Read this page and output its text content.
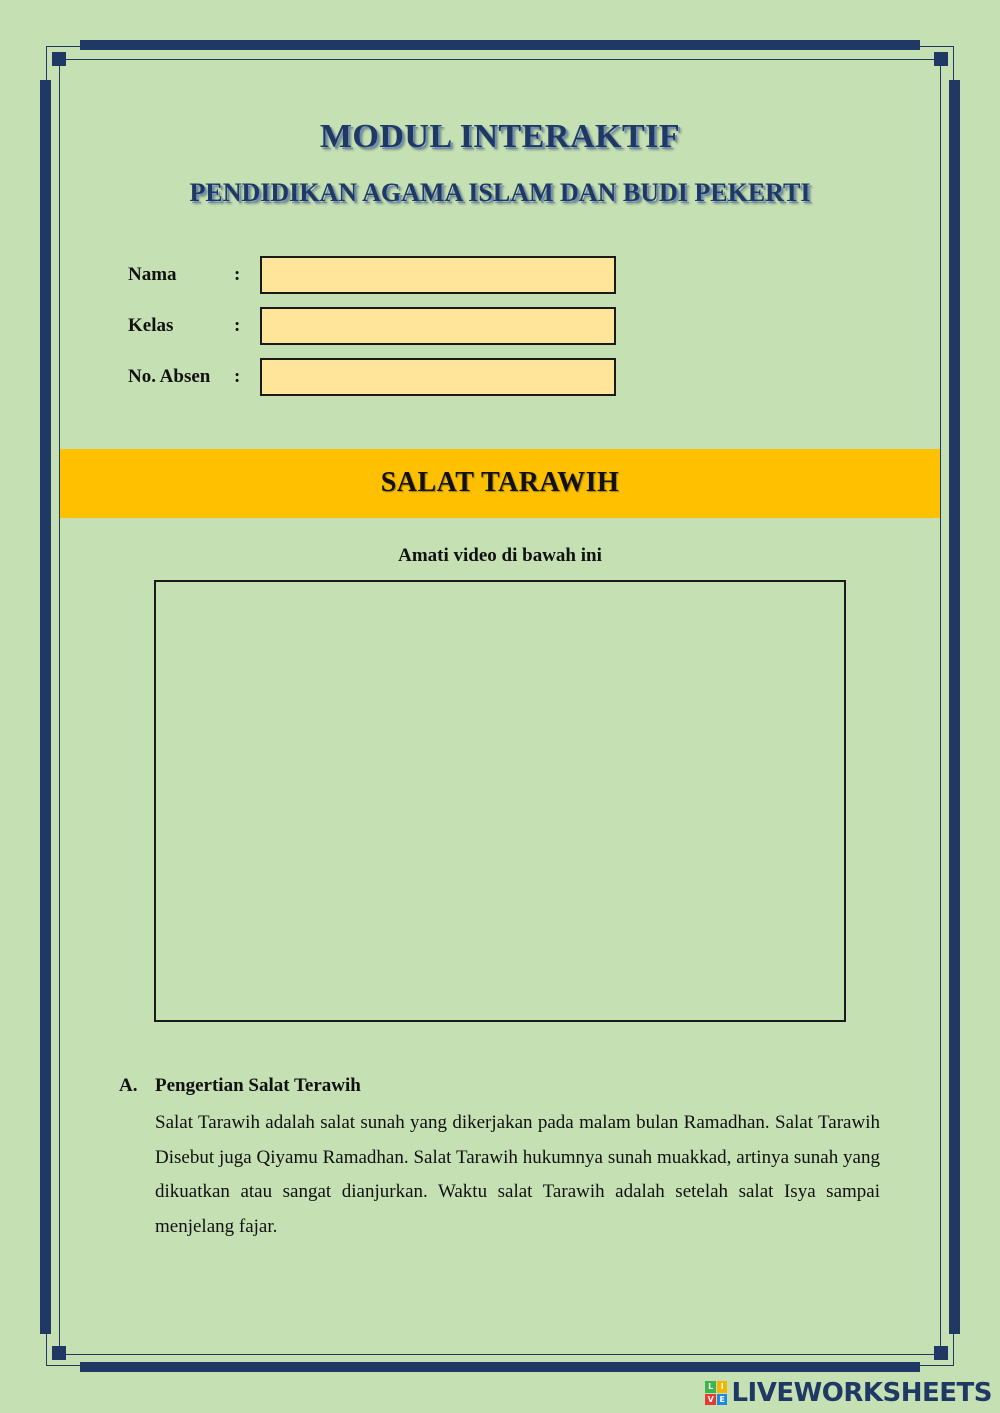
MODUL INTERAKTIF
PENDIDIKAN AGAMA ISLAM DAN BUDI PEKERTI
Nama	:
Kelas	:
No. Absen :
SALAT TARAWIH
Amati video di bawah ini
A. Pengertian Salat Terawih
Salat Tarawih adalah salat sunah yang dikerjakan pada malam bulan Ramadhan. Salat Tarawih Disebut juga Qiyamu Ramadhan. Salat Tarawih hukumnya sunah muakkad, artinya sunah yang dikuatkan atau sangat dianjurkan. Waktu salat Tarawih adalah setelah salat Isya sampai menjelang fajar.
L I
V E LIVEWORKSHEETS
